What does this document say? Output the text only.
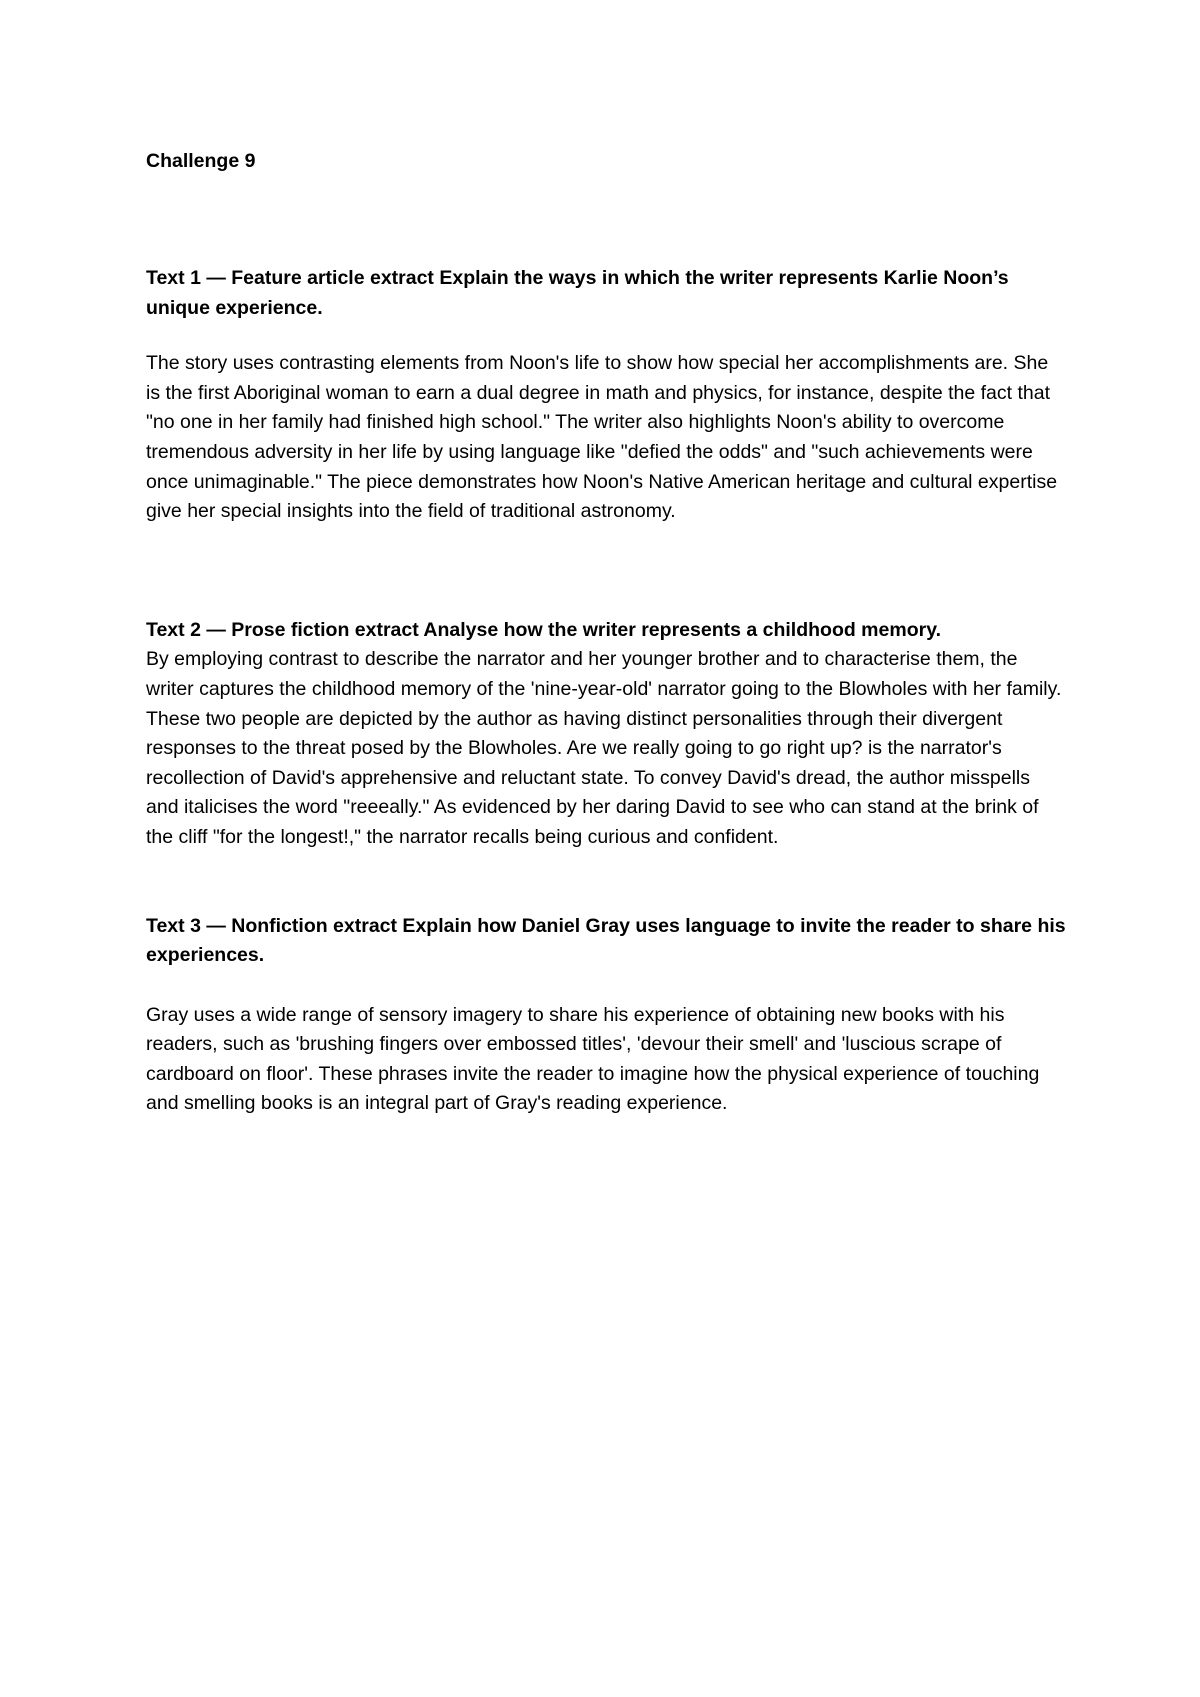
Challenge 9

Text 1 — Feature article extract Explain the ways in which the writer represents Karlie Noon’s unique experience.

The story uses contrasting elements from Noon's life to show how special her accomplishments are. She is the first Aboriginal woman to earn a dual degree in math and physics, for instance, despite the fact that "no one in her family had finished high school." The writer also highlights Noon's ability to overcome tremendous adversity in her life by using language like "defied the odds" and "such achievements were once unimaginable." The piece demonstrates how Noon's Native American heritage and cultural expertise give her special insights into the field of traditional astronomy.

Text 2 — Prose fiction extract Analyse how the writer represents a childhood memory.

By employing contrast to describe the narrator and her younger brother and to characterise them, the writer captures the childhood memory of the 'nine-year-old' narrator going to the Blowholes with her family. These two people are depicted by the author as having distinct personalities through their divergent responses to the threat posed by the Blowholes. Are we really going to go right up? is the narrator's recollection of David's apprehensive and reluctant state. To convey David's dread, the author misspells and italicises the word "reeeally." As evidenced by her daring David to see who can stand at the brink of the cliff "for the longest!," the narrator recalls being curious and confident.

Text 3 — Nonfiction extract Explain how Daniel Gray uses language to invite the reader to share his experiences.

Gray uses a wide range of sensory imagery to share his experience of obtaining new books with his readers, such as 'brushing fingers over embossed titles', 'devour their smell' and 'luscious scrape of cardboard on floor'. These phrases invite the reader to imagine how the physical experience of touching and smelling books is an integral part of Gray's reading experience.
